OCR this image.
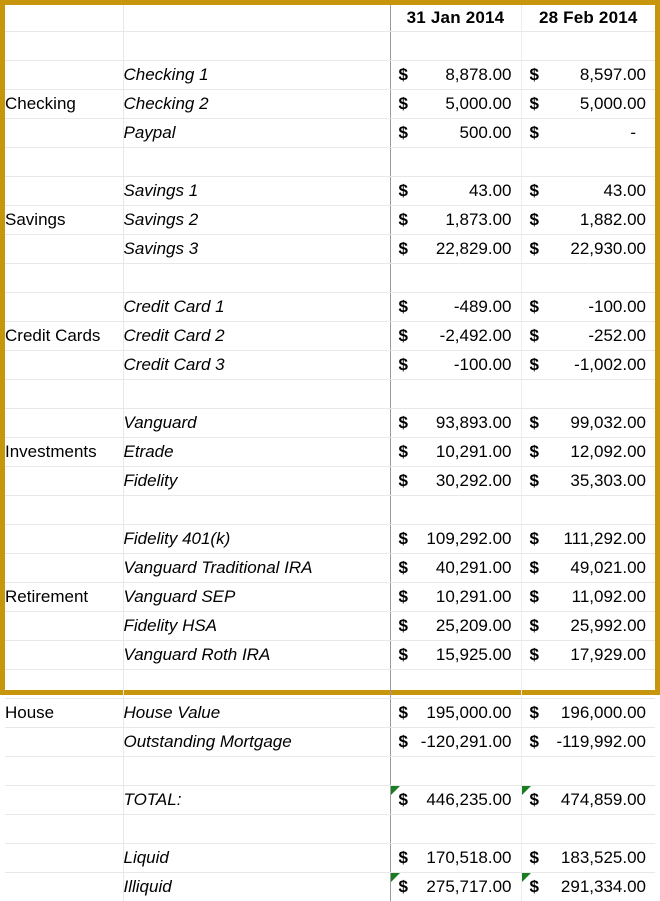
		31 Jan 2014	28 Feb 2014

	Checking 1	$ 8,878.00	$ 8,597.00

Checking	Checking 2	$ 5,000.00	$ 5,000.00

	Paypal	$ 500.00	$ -

	Savings 1	$ 43.00	$ 43.00

Savings	Savings 2	$ 1,873.00	$ 1,882.00

	Savings 3	$ 22,829.00	$ 22,930.00

	Credit Card 1	$ -489.00	$ -100.00

Credit Cards	Credit Card 2	$ -2,492.00	$ -252.00

	Credit Card 3	$ -100.00	$ -1,002.00

	Vanguard	$ 93,893.00	$ 99,032.00

Investments	Etrade	$ 10,291.00	$ 12,092.00

	Fidelity	$ 30,292.00	$ 35,303.00

	Fidelity 401(k)	$ 109,292.00	$ 111,292.00

	Vanguard Traditional IRA	$ 40,291.00	$ 49,021.00

Retirement	Vanguard SEP	$ 10,291.00	$ 11,092.00

	Fidelity HSA	$ 25,209.00	$ 25,992.00

	Vanguard Roth IRA	$ 15,925.00	$ 17,929.00

House	House Value	$ 195,000.00	$ 196,000.00

	Outstanding Mortgage	$ -120,291.00	$ -119,992.00

	TOTAL:	$ 446,235.00	$ 474,859.00

	Liquid	$ 170,518.00	$ 183,525.00

	Illiquid	$ 275,717.00	$ 291,334.00
